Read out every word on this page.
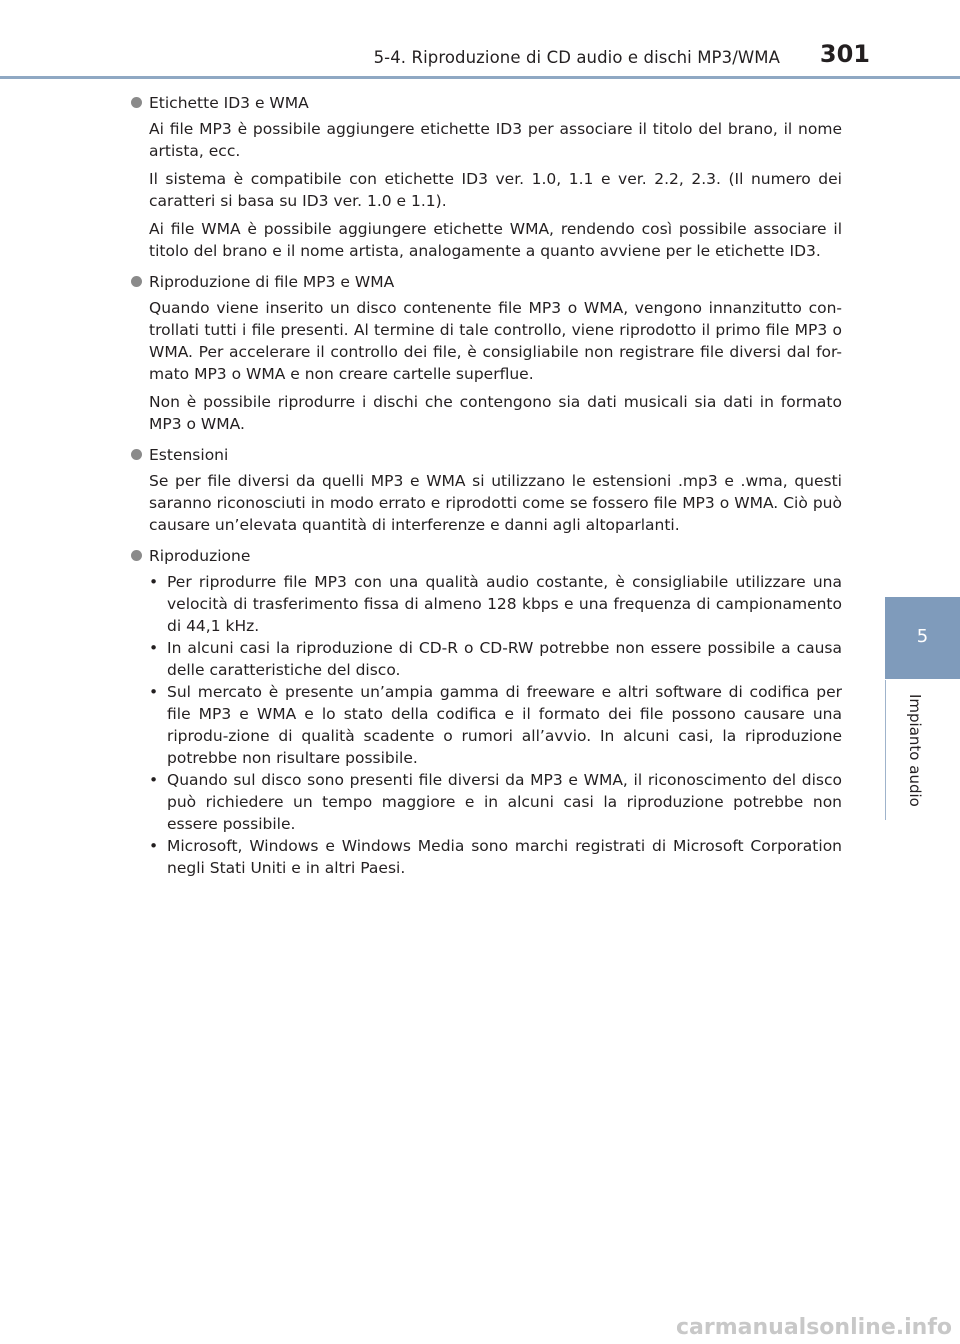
5-4. Riproduzione di CD audio e dischi MP3/WMA	301
5
Impianto audio
Etichette ID3 e WMA
Ai file MP3 è possibile aggiungere etichette ID3 per associare il titolo del brano, il nome artista, ecc.
Il sistema è compatibile con etichette ID3 ver. 1.0, 1.1 e ver. 2.2, 2.3. (Il numero dei caratteri si basa su ID3 ver. 1.0 e 1.1).
Ai file WMA è possibile aggiungere etichette WMA, rendendo così possibile associare il titolo del brano e il nome artista, analogamente a quanto avviene per le etichette ID3.
Riproduzione di file MP3 e WMA
Quando viene inserito un disco contenente file MP3 o WMA, vengono innanzitutto con-trollati tutti i file presenti. Al termine di tale controllo, viene riprodotto il primo file MP3 o WMA. Per accelerare il controllo dei file, è consigliabile non registrare file diversi dal for-mato MP3 o WMA e non creare cartelle superflue.
Non è possibile riprodurre i dischi che contengono sia dati musicali sia dati in formato MP3 o WMA.
Estensioni
Se per file diversi da quelli MP3 e WMA si utilizzano le estensioni .mp3 e .wma, questi saranno riconosciuti in modo errato e riprodotti come se fossero file MP3 o WMA. Ciò può causare un’elevata quantità di interferenze e danni agli altoparlanti.
Riproduzione
• Per riprodurre file MP3 con una qualità audio costante, è consigliabile utilizzare una velocità di trasferimento fissa di almeno 128 kbps e una frequenza di campionamento di 44,1 kHz.
• In alcuni casi la riproduzione di CD-R o CD-RW potrebbe non essere possibile a causa delle caratteristiche del disco.
• Sul mercato è presente un’ampia gamma di freeware e altri software di codifica per file MP3 e WMA e lo stato della codifica e il formato dei file possono causare una riprodu-zione di qualità scadente o rumori all’avvio. In alcuni casi, la riproduzione potrebbe non risultare possibile.
• Quando sul disco sono presenti file diversi da MP3 e WMA, il riconoscimento del disco può richiedere un tempo maggiore e in alcuni casi la riproduzione potrebbe non essere possibile.
• Microsoft, Windows e Windows Media sono marchi registrati di Microsoft Corporation negli Stati Uniti e in altri Paesi.
carmanualsonline.info
